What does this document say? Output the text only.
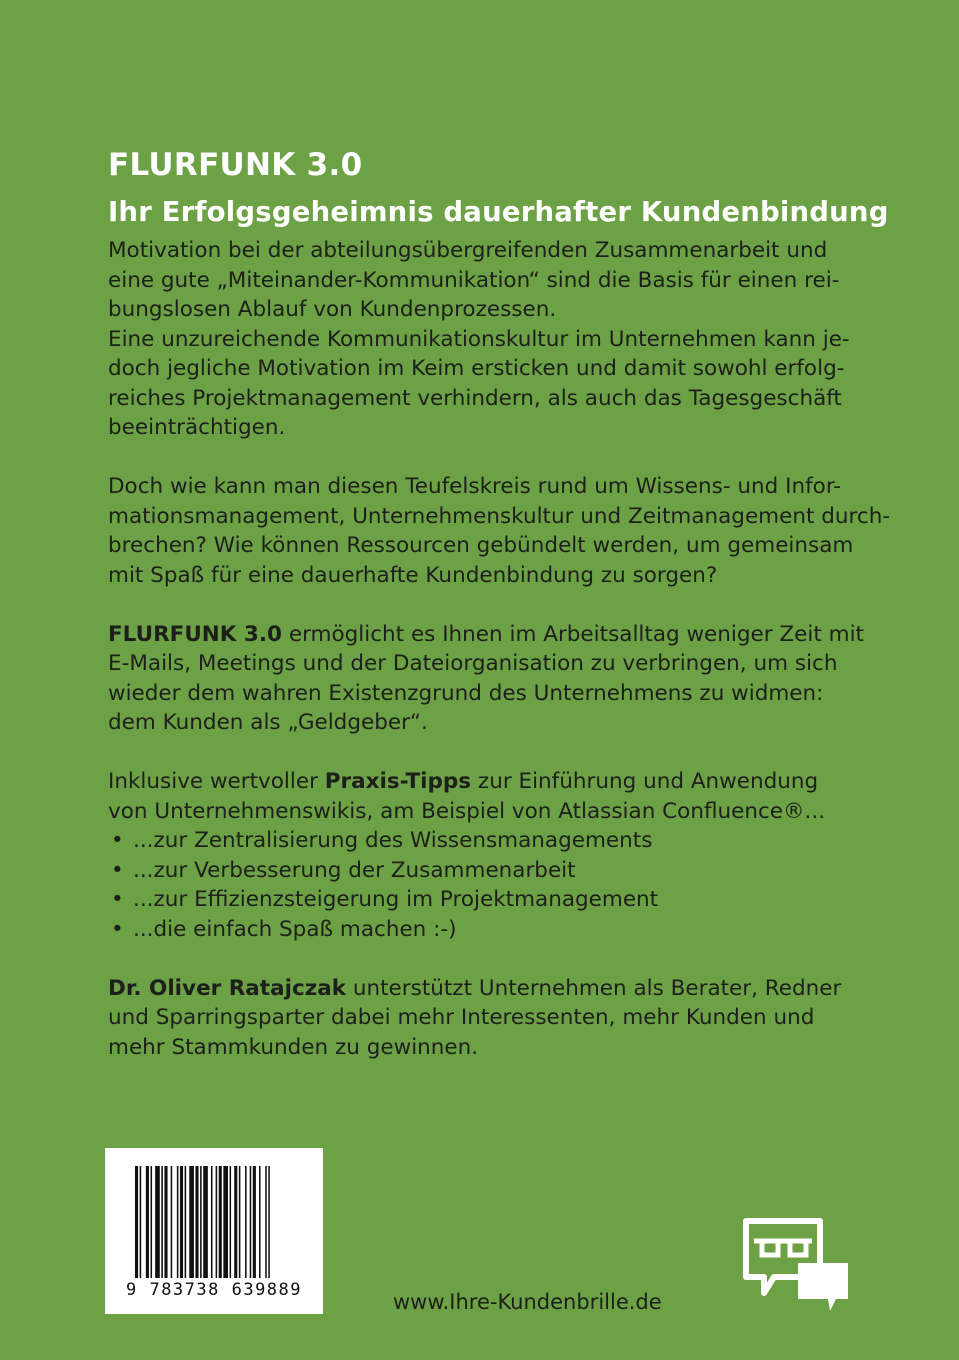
FLURFUNK 3.0
Ihr Erfolgsgeheimnis dauerhafter Kundenbindung

Motivation bei der abteilungsübergreifenden Zusammenarbeit und
eine gute „Miteinander-Kommunikation“ sind die Basis für einen rei-
bungslosen Ablauf von Kundenprozessen.
Eine unzureichende Kommunikationskultur im Unternehmen kann je-
doch jegliche Motivation im Keim ersticken und damit sowohl erfolg-
reiches Projektmanagement verhindern, als auch das Tagesgeschäft
beeinträchtigen.

Doch wie kann man diesen Teufelskreis rund um Wissens- und Infor-
mationsmanagement, Unternehmenskultur und Zeitmanagement durch-
brechen? Wie können Ressourcen gebündelt werden, um gemeinsam
mit Spaß für eine dauerhafte Kundenbindung zu sorgen?

FLURFUNK 3.0 ermöglicht es Ihnen im Arbeitsalltag weniger Zeit mit
E-Mails, Meetings und der Dateiorganisation zu verbringen, um sich
wieder dem wahren Existenzgrund des Unternehmens zu widmen:
dem Kunden als „Geldgeber“.

Inklusive wertvoller Praxis-Tipps zur Einführung und Anwendung
von Unternehmenswikis, am Beispiel von Atlassian Confluence®...
• ...zur Zentralisierung des Wissensmanagements
• ...zur Verbesserung der Zusammenarbeit
• ...zur Effizienzsteigerung im Projektmanagement
• ...die einfach Spaß machen :-)

Dr. Oliver Ratajczak unterstützt Unternehmen als Berater, Redner
und Sparringsparter dabei mehr Interessenten, mehr Kunden und
mehr Stammkunden zu gewinnen.

9 783738 639889	www.Ihre-Kundenbrille.de
